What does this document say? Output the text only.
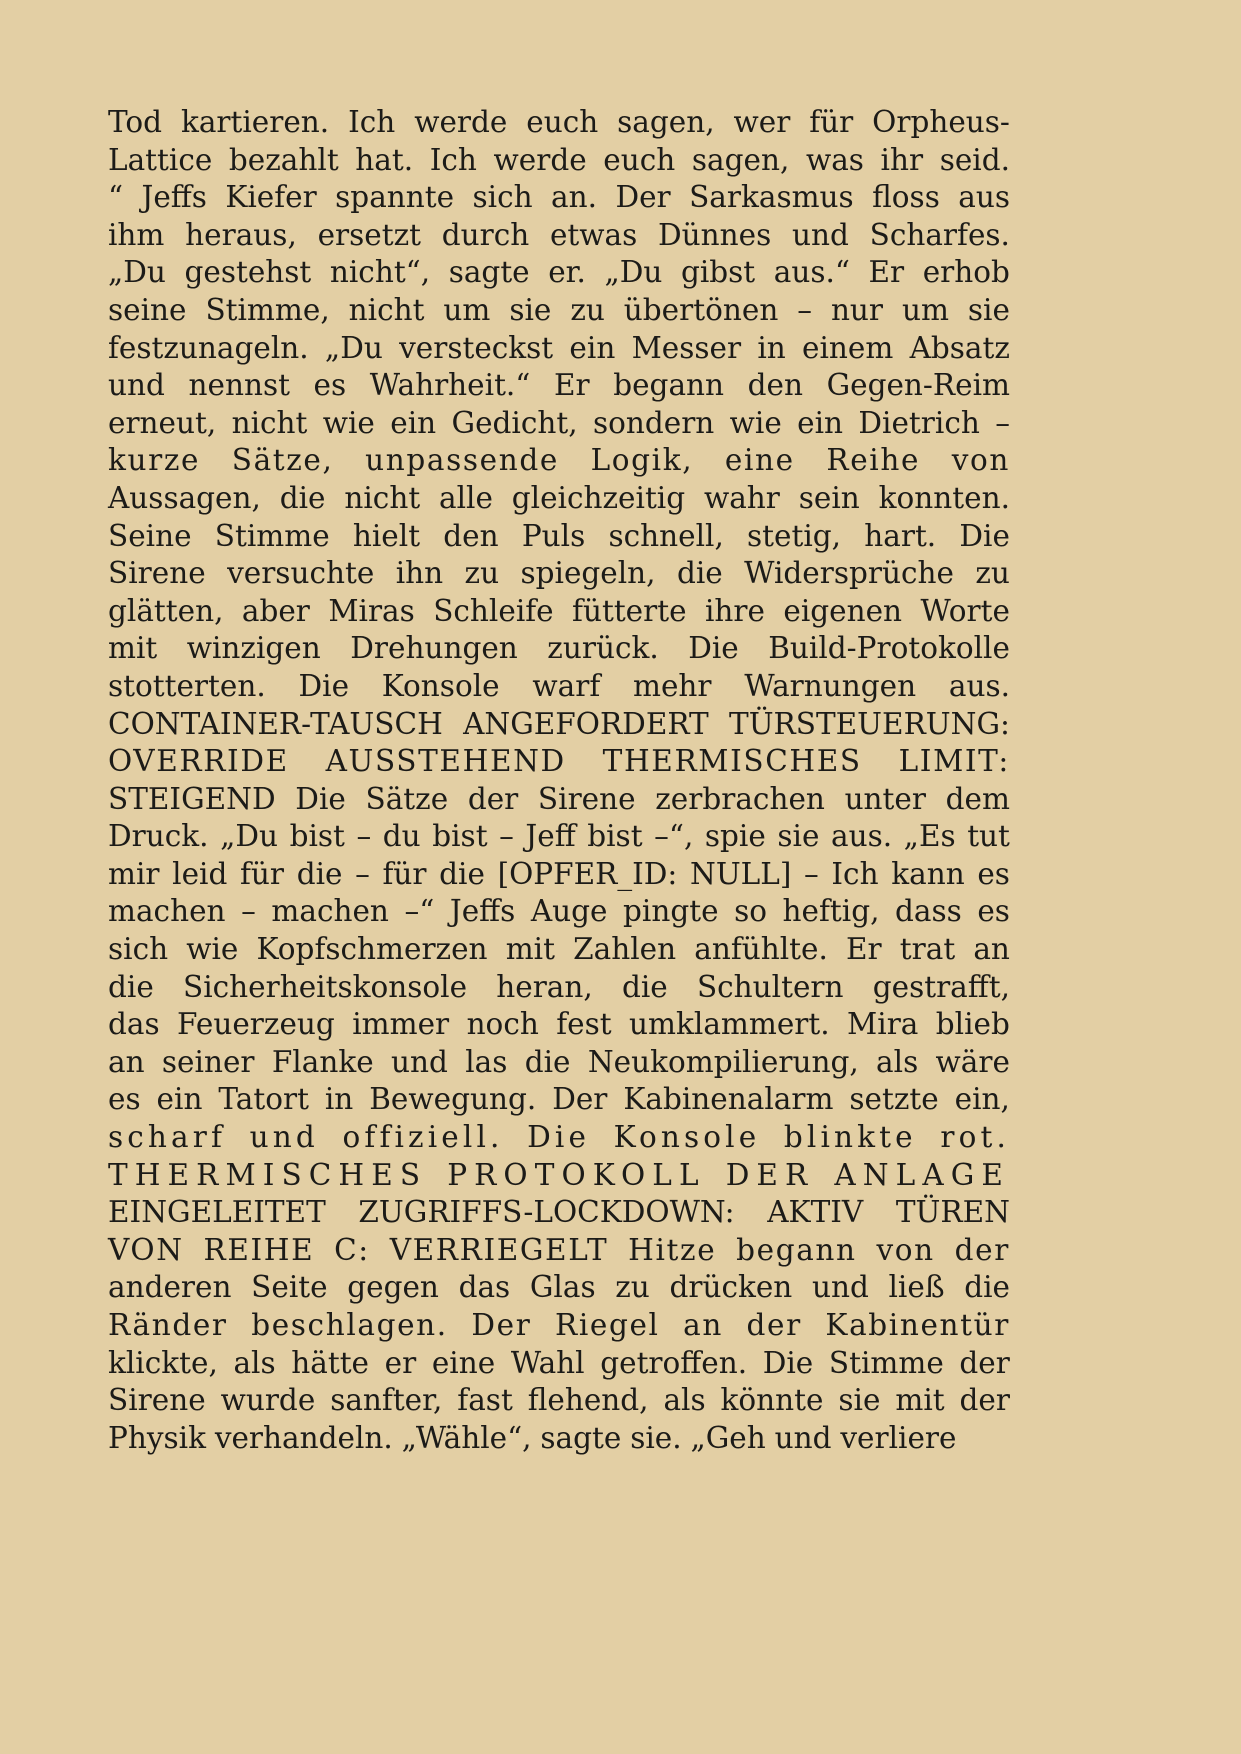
Tod kartieren. Ich werde euch sagen, wer für Orpheus-
Lattice bezahlt hat. Ich werde euch sagen, was ihr seid.
“ Jeffs Kiefer spannte sich an. Der Sarkasmus floss aus
ihm heraus, ersetzt durch etwas Dünnes und Scharfes.
„Du gestehst nicht“, sagte er. „Du gibst aus.“ Er erhob
seine Stimme, nicht um sie zu übertönen – nur um sie
festzunageln. „Du versteckst ein Messer in einem Absatz
und nennst es Wahrheit.“ Er begann den Gegen-Reim
erneut, nicht wie ein Gedicht, sondern wie ein Dietrich –
kurze Sätze, unpassende Logik, eine Reihe von
Aussagen, die nicht alle gleichzeitig wahr sein konnten.
Seine Stimme hielt den Puls schnell, stetig, hart. Die
Sirene versuchte ihn zu spiegeln, die Widersprüche zu
glätten, aber Miras Schleife fütterte ihre eigenen Worte
mit winzigen Drehungen zurück. Die Build-Protokolle
stotterten. Die Konsole warf mehr Warnungen aus.
CONTAINER-TAUSCH ANGEFORDERT TÜRSTEUERUNG:
OVERRIDE AUSSTEHEND THERMISCHES LIMIT:
STEIGEND Die Sätze der Sirene zerbrachen unter dem
Druck. „Du bist – du bist – Jeff bist –“, spie sie aus. „Es tut
mir leid für die – für die [OPFER_ID: NULL] – Ich kann es
machen – machen –“ Jeffs Auge pingte so heftig, dass es
sich wie Kopfschmerzen mit Zahlen anfühlte. Er trat an
die Sicherheitskonsole heran, die Schultern gestrafft,
das Feuerzeug immer noch fest umklammert. Mira blieb
an seiner Flanke und las die Neukompilierung, als wäre
es ein Tatort in Bewegung. Der Kabinenalarm setzte ein,
scharf und offiziell. Die Konsole blinkte rot.
THERMISCHES PROTOKOLL DER ANLAGE
EINGELEITET ZUGRIFFS-LOCKDOWN: AKTIV TÜREN
VON REIHE C: VERRIEGELT Hitze begann von der
anderen Seite gegen das Glas zu drücken und ließ die
Ränder beschlagen. Der Riegel an der Kabinentür
klickte, als hätte er eine Wahl getroffen. Die Stimme der
Sirene wurde sanfter, fast flehend, als könnte sie mit der
Physik verhandeln. „Wähle“, sagte sie. „Geh und verliere
